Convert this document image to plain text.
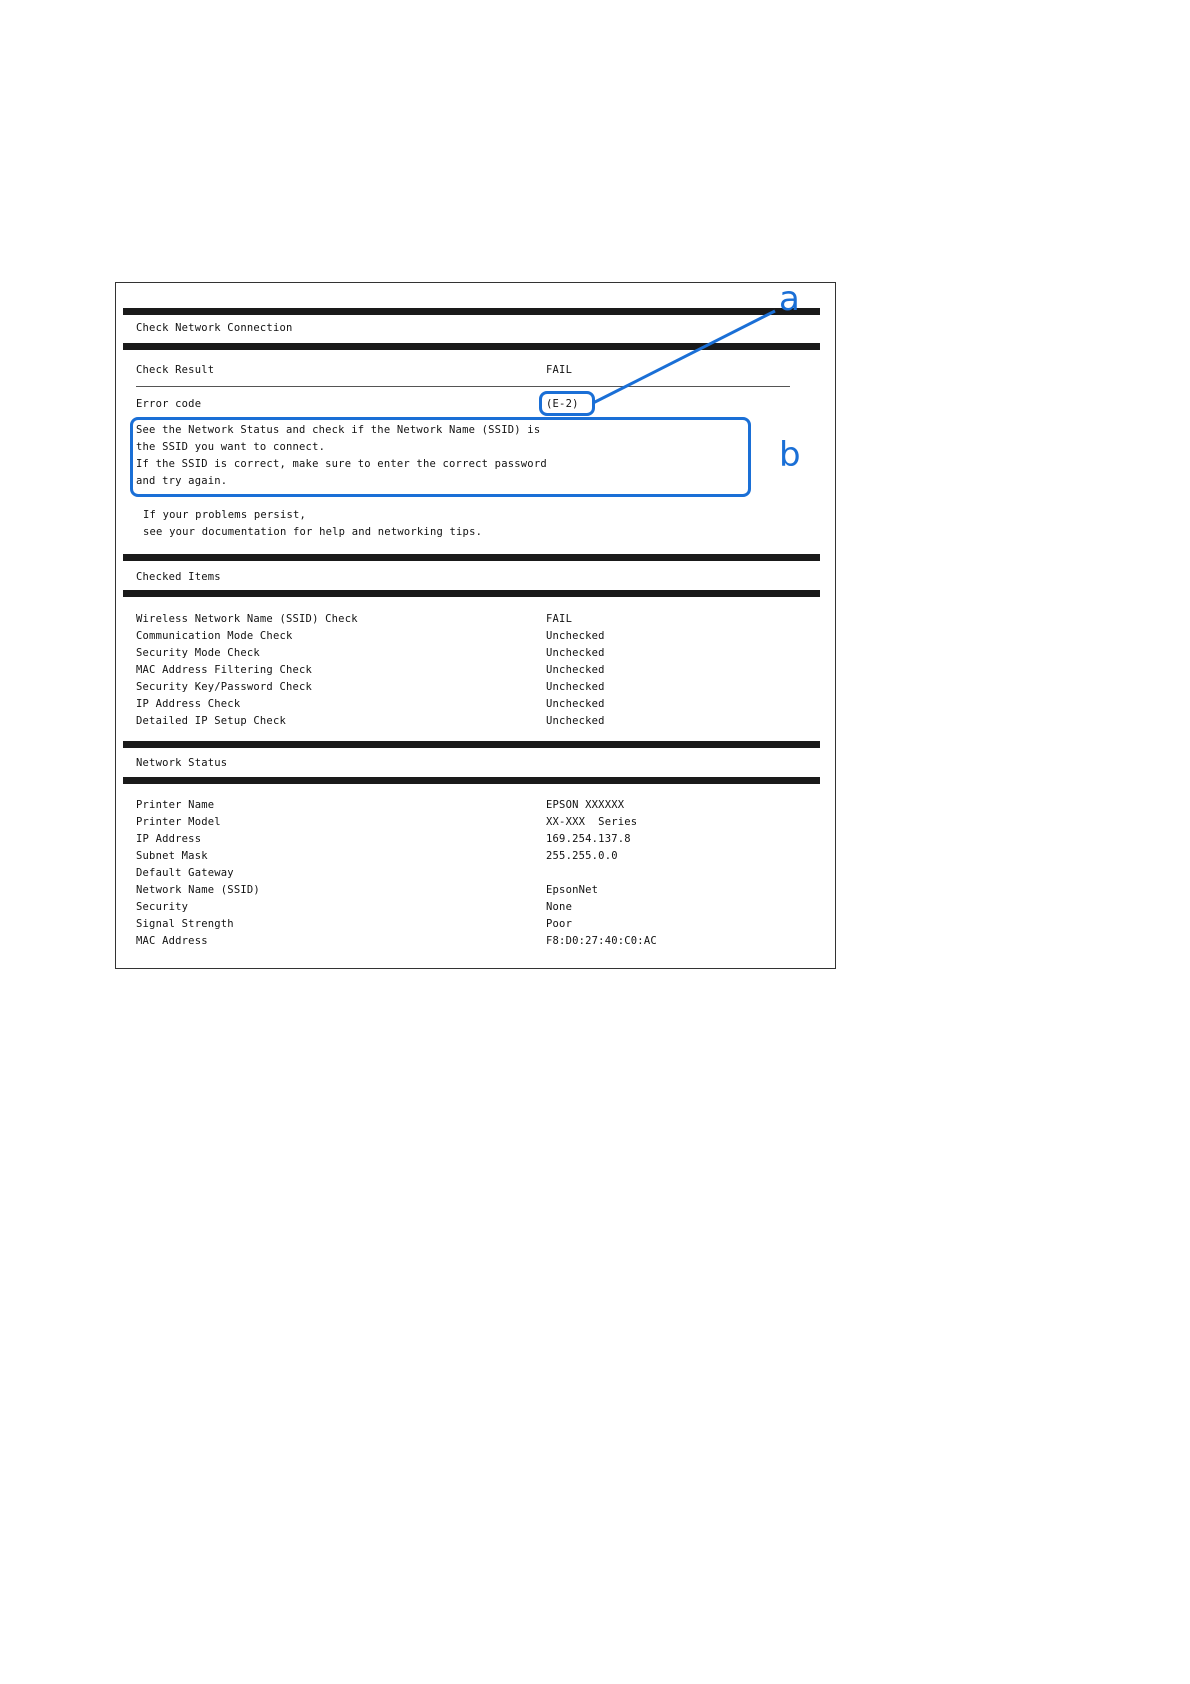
Check Network Connection
Check Result	FAIL
Error code	(E-2)
See the Network Status and check if the Network Name (SSID) is
the SSID you want to connect.
If the SSID is correct, make sure to enter the correct password
and try again.
If your problems persist,
see your documentation for help and networking tips.
Checked Items
Wireless Network Name (SSID) Check	FAIL
Communication Mode Check	Unchecked
Security Mode Check	Unchecked
MAC Address Filtering Check	Unchecked
Security Key/Password Check	Unchecked
IP Address Check	Unchecked
Detailed IP Setup Check	Unchecked
Network Status
Printer Name	EPSON XXXXXX
Printer Model	XX-XXX  Series
IP Address	169.254.137.8
Subnet Mask	255.255.0.0
Default Gateway
Network Name (SSID)	EpsonNet
Security	None
Signal Strength	Poor
MAC Address	F8:D0:27:40:C0:AC
a
b
